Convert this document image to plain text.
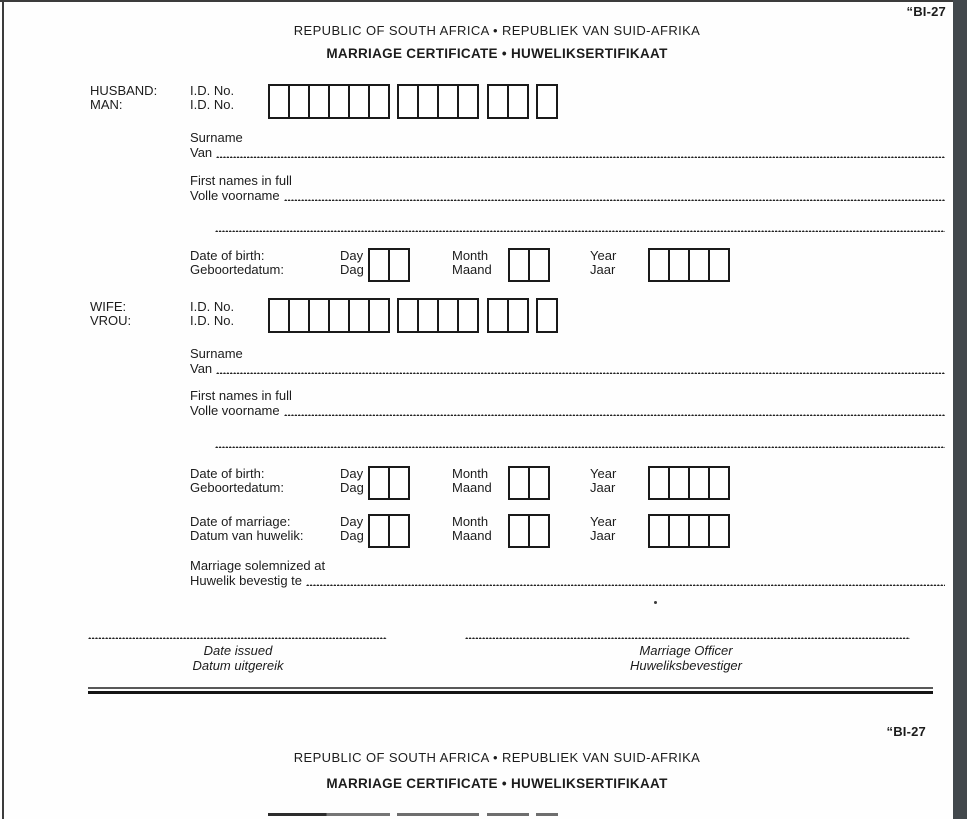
“BI-27
REPUBLIC OF SOUTH AFRICA • REPUBLIEK VAN SUID-AFRIKA
MARRIAGE CERTIFICATE • HUWELIKSERTIFIKAAT
HUSBAND:
MAN:
I.D. No.
I.D. No.
Surname
Van
First names in full
Volle voorname
Date of birth:
Geboortedatum:
Day
Dag
Month
Maand
Year
Jaar
WIFE:
VROU:
I.D. No.
I.D. No.
Surname
Van
First names in full
Volle voorname
Date of birth:
Geboortedatum:
Day
Dag
Month
Maand
Year
Jaar
Date of marriage:
Datum van huwelik:
Day
Dag
Month
Maand
Year
Jaar
Marriage solemnized at
Huwelik bevestig te
Date issued
Datum uitgereik
Marriage Officer
Huweliksbevestiger
“BI-27
REPUBLIC OF SOUTH AFRICA • REPUBLIEK VAN SUID-AFRIKA
MARRIAGE CERTIFICATE • HUWELIKSERTIFIKAAT
